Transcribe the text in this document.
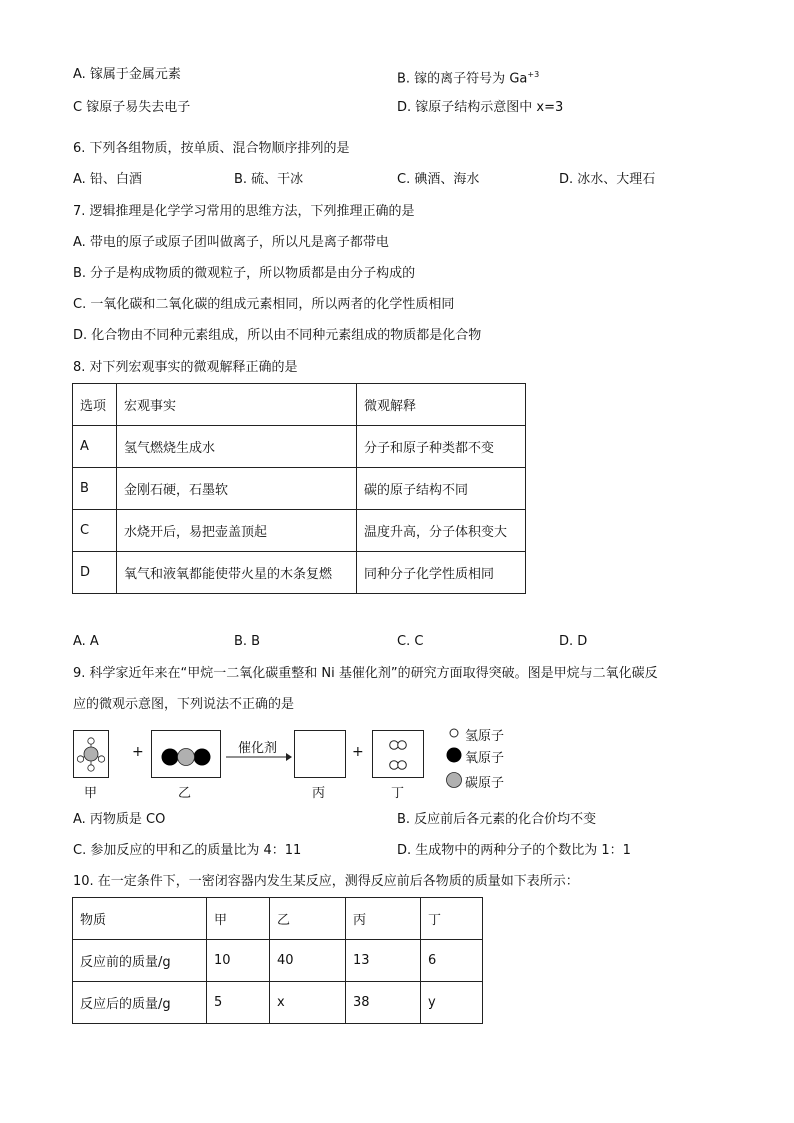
A. 镓属于金属元素	B. 镓的离子符号为 $Ga^{+3}$
C 镓原子易失去电子	D. 镓原子结构示意图中 x=3
6. 下列各组物质，按单质、混合物顺序排列的是
A. 铅、白酒	B. 硫、干冰	C. 碘酒、海水	D. 冰水、大理石
7. 逻辑推理是化学学习常用的思维方法，下列推理正确的是
A. 带电的原子或原子团叫做离子，所以凡是离子都带电
B. 分子是构成物质的微观粒子，所以物质都是由分子构成的
C. 一氧化碳和二氧化碳的组成元素相同，所以两者的化学性质相同
D. 化合物由不同种元素组成，所以由不同种元素组成的物质都是化合物
8. 对下列宏观事实的微观解释正确的是
选项	宏观事实	微观解释
A	氢气燃烧生成水	分子和原子种类都不变
B	金刚石硬，石墨软	碳的原子结构不同
C	水烧开后，易把壶盖顶起	温度升高，分子体积变大
D	氧气和液氧都能使带火星的木条复燃	同种分子化学性质相同
A. A	B. B	C. C	D. D
9. 科学家近年来在“甲烷一二氧化碳重整和 Ni 基催化剂”的研究方面取得突破。图是甲烷与二氧化碳反
应的微观示意图，下列说法不正确的是
+	催化剂	+
甲	乙	丙	丁
氢原子
氧原子
碳原子
A. 丙物质是 CO	B. 反应前后各元素的化合价均不变
C. 参加反应的甲和乙的质量比为 4：11	D. 生成物中的两种分子的个数比为 1：1
10. 在一定条件下，一密闭容器内发生某反应，测得反应前后各物质的质量如下表所示：
物质	甲	乙	丙	丁
反应前的质量/g	10	40	13	6
反应后的质量/g	5	x	38	y
